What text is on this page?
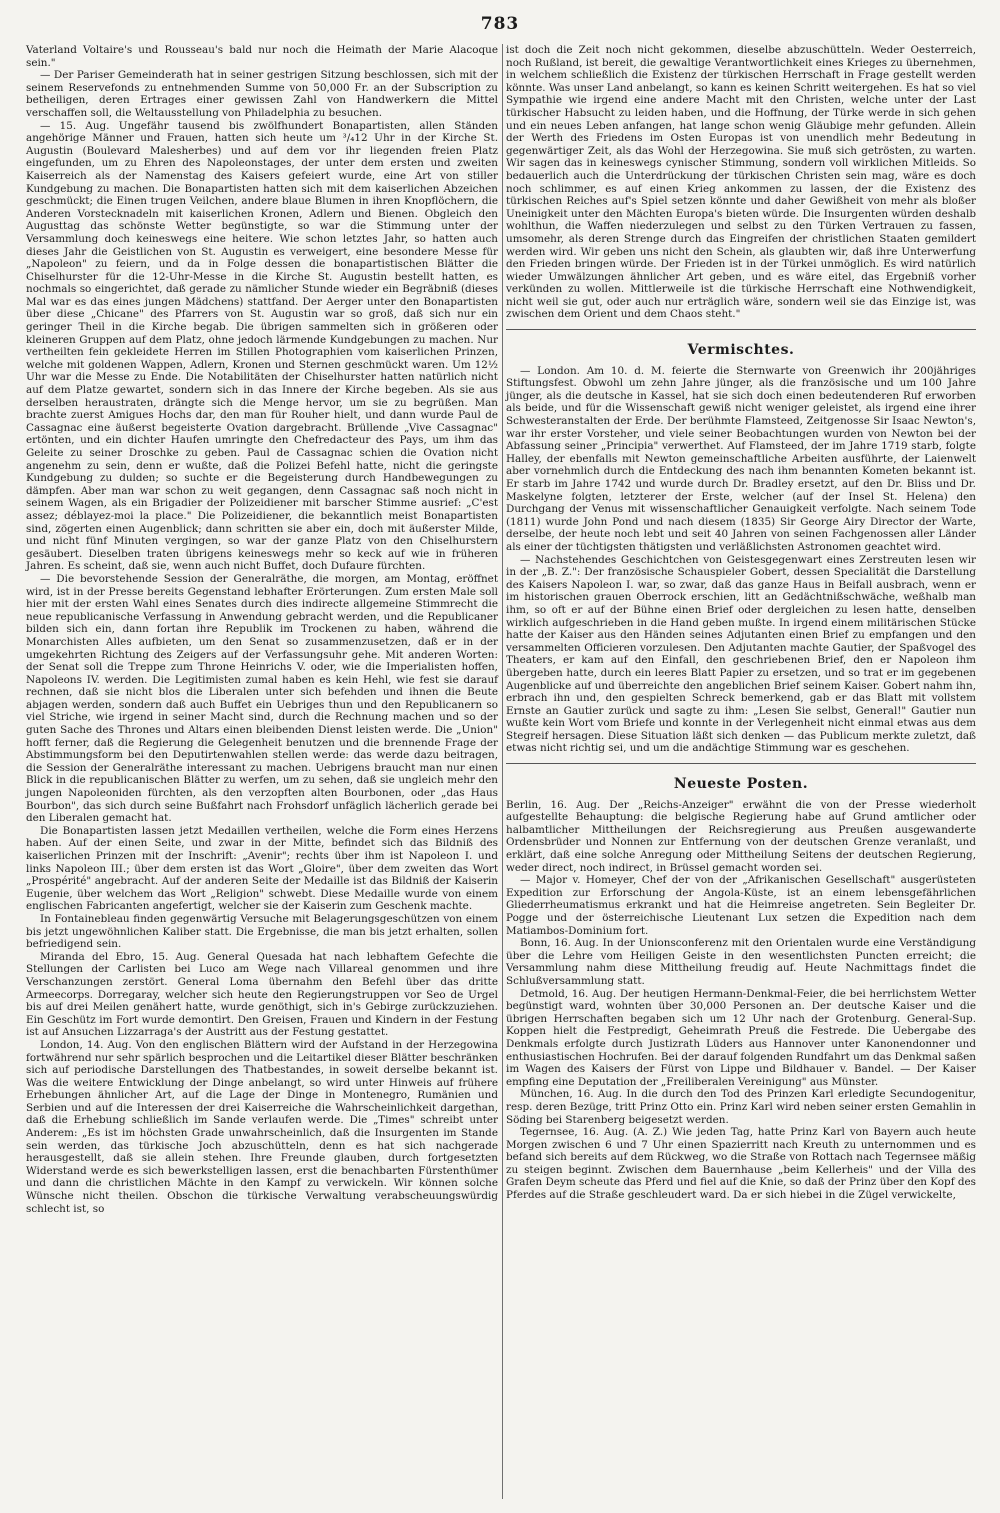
783

Vaterland Voltaire's und Rousseau's bald nur noch die Heimath der Marie Alacoque sein."

— Der Pariser Gemeinderath hat in seiner gestrigen Sitzung beschlossen, sich mit der seinem Reservefonds zu entnehmenden Summe von 50,000 Fr. an der Subscription zu betheiligen, deren Ertrages einer gewissen Zahl von Handwerkern die Mittel verschaffen soll, die Weltausstellung von Philadelphia zu besuchen.

— 15. Aug. Ungefähr tausend bis zwölfhundert Bonapartisten, allen Ständen angehörige Männer und Frauen, hatten sich heute um ³/₄12 Uhr in der Kirche St. Augustin (Boulevard Malesherbes) und auf dem vor ihr liegenden freien Platz eingefunden, um zu Ehren des Napoleonstages, der unter dem ersten und zweiten Kaiserreich als der Namenstag des Kaisers gefeiert wurde, eine Art von stiller Kundgebung zu machen. Die Bonapartisten hatten sich mit dem kaiserlichen Abzeichen geschmückt; die Einen trugen Veilchen, andere blaue Blumen in ihren Knopflöchern, die Anderen Vorstecknadeln mit kaiserlichen Kronen, Adlern und Bienen. Obgleich den Augusttag das schönste Wetter begünstigte, so war die Stimmung unter der Versammlung doch keineswegs eine heitere. Wie schon letztes Jahr, so hatten auch dieses Jahr die Geistlichen von St. Augustin es verweigert, eine besondere Messe für „Napoleon" zu feiern, und da in Folge dessen die bonapartistischen Blätter die Chiselhurster für die 12-Uhr-Messe in die Kirche St. Augustin bestellt hatten, es nochmals so eingerichtet, daß gerade zu nämlicher Stunde wieder ein Begräbniß (dieses Mal war es das eines jungen Mädchens) stattfand. Der Aerger unter den Bonapartisten über diese „Chicane" des Pfarrers von St. Augustin war so groß, daß sich nur ein geringer Theil in die Kirche begab. Die übrigen sammelten sich in größeren oder kleineren Gruppen auf dem Platz, ohne jedoch lärmende Kundgebungen zu machen. Nur vertheilten fein gekleidete Herren im Stillen Photographien vom kaiserlichen Prinzen, welche mit goldenen Wappen, Adlern, Kronen und Sternen geschmückt waren. Um 12½ Uhr war die Messe zu Ende. Die Notabilitäten der Chiselhurster hatten natürlich nicht auf dem Platze gewartet, sondern sich in das Innere der Kirche begeben. Als sie aus derselben heraustraten, drängte sich die Menge hervor, um sie zu begrüßen. Man brachte zuerst Amigues Hochs dar, den man für Rouher hielt, und dann wurde Paul de Cassagnac eine äußerst begeisterte Ovation dargebracht. Brüllende „Vive Cassagnac" ertönten, und ein dichter Haufen umringte den Chefredacteur des Pays, um ihm das Geleite zu seiner Droschke zu geben. Paul de Cassagnac schien die Ovation nicht angenehm zu sein, denn er wußte, daß die Polizei Befehl hatte, nicht die geringste Kundgebung zu dulden; so suchte er die Begeisterung durch Handbewegungen zu dämpfen. Aber man war schon zu weit gegangen, denn Cassagnac saß noch nicht in seinem Wagen, als ein Brigadier der Polizeidiener mit barscher Stimme ausrief: „C'est assez; déblayez-moi la place." Die Polizeidiener, die bekanntlich meist Bonapartisten sind, zögerten einen Augenblick; dann schritten sie aber ein, doch mit äußerster Milde, und nicht fünf Minuten vergingen, so war der ganze Platz von den Chiselhurstern gesäubert. Dieselben traten übrigens keineswegs mehr so keck auf wie in früheren Jahren. Es scheint, daß sie, wenn auch nicht Buffet, doch Dufaure fürchten.

— Die bevorstehende Session der Generalräthe, die morgen, am Montag, eröffnet wird, ist in der Presse bereits Gegenstand lebhafter Erörterungen. Zum ersten Male soll hier mit der ersten Wahl eines Senates durch dies indirecte allgemeine Stimmrecht die neue republicanische Verfassung in Anwendung gebracht werden, und die Republicaner bilden sich ein, dann fortan ihre Republik im Trockenen zu haben, während die Monarchisten Alles aufbieten, um den Senat so zusammenzusetzen, daß er in der umgekehrten Richtung des Zeigers auf der Verfassungsuhr gehe. Mit anderen Worten: der Senat soll die Treppe zum Throne Heinrichs V. oder, wie die Imperialisten hoffen, Napoleons IV. werden. Die Legitimisten zumal haben es kein Hehl, wie fest sie darauf rechnen, daß sie nicht blos die Liberalen unter sich befehden und ihnen die Beute abjagen werden, sondern daß auch Buffet ein Uebriges thun und den Republicanern so viel Striche, wie irgend in seiner Macht sind, durch die Rechnung machen und so der guten Sache des Thrones und Altars einen bleibenden Dienst leisten werde. Die „Union" hofft ferner, daß die Regierung die Gelegenheit benutzen und die brennende Frage der Abstimmungsform bei den Deputirtenwahlen stellen werde: das werde dazu beitragen, die Session der Generalräthe interessant zu machen. Uebrigens braucht man nur einen Blick in die republicanischen Blätter zu werfen, um zu sehen, daß sie ungleich mehr den jungen Napoleoniden fürchten, als den verzopften alten Bourbonen, oder „das Haus Bourbon", das sich durch seine Bußfahrt nach Frohsdorf unfäglich lächerlich gerade bei den Liberalen gemacht hat.

Die Bonapartisten lassen jetzt Medaillen vertheilen, welche die Form eines Herzens haben. Auf der einen Seite, und zwar in der Mitte, befindet sich das Bildniß des kaiserlichen Prinzen mit der Inschrift: „Avenir"; rechts über ihm ist Napoleon I. und links Napoleon III.; über dem ersten ist das Wort „Gloire", über dem zweiten das Wort „Prospérité" angebracht. Auf der anderen Seite der Medaille ist das Bildniß der Kaiserin Eugenie, über welchem das Wort „Religion" schwebt. Diese Medaille wurde von einem englischen Fabricanten angefertigt, welcher sie der Kaiserin zum Geschenk machte.

In Fontainebleau finden gegenwärtig Versuche mit Belagerungsgeschützen von einem bis jetzt ungewöhnlichen Kaliber statt. Die Ergebnisse, die man bis jetzt erhalten, sollen befriedigend sein.

Miranda del Ebro, 15. Aug. General Quesada hat nach lebhaftem Gefechte die Stellungen der Carlisten bei Luco am Wege nach Villareal genommen und ihre Verschanzungen zerstört. General Loma übernahm den Befehl über das dritte Armeecorps. Dorregaray, welcher sich heute den Regierungstruppen vor Seo de Urgel bis auf drei Meilen genähert hatte, wurde genöthigt, sich in's Gebirge zurückzuziehen. Ein Geschütz im Fort wurde demontirt. Den Greisen, Frauen und Kindern in der Festung ist auf Ansuchen Lizzarraga's der Austritt aus der Festung gestattet.

London, 14. Aug. Von den englischen Blättern wird der Aufstand in der Herzegowina fortwährend nur sehr spärlich besprochen und die Leitartikel dieser Blätter beschränken sich auf periodische Darstellungen des Thatbestandes, in soweit derselbe bekannt ist. Was die weitere Entwicklung der Dinge anbelangt, so wird unter Hinweis auf frühere Erhebungen ähnlicher Art, auf die Lage der Dinge in Montenegro, Rumänien und Serbien und auf die Interessen der drei Kaiserreiche die Wahrscheinlichkeit dargethan, daß die Erhebung schließlich im Sande verlaufen werde. Die „Times" schreibt unter Anderem: „Es ist im höchsten Grade unwahrscheinlich, daß die Insurgenten im Stande sein werden, das türkische Joch abzuschütteln, denn es hat sich nachgerade herausgestellt, daß sie allein stehen. Ihre Freunde glauben, durch fortgesetzten Widerstand werde es sich bewerkstelligen lassen, erst die benachbarten Fürstenthümer und dann die christlichen Mächte in den Kampf zu verwickeln. Wir können solche Wünsche nicht theilen. Obschon die türkische Verwaltung verabscheuungswürdig schlecht ist, so

ist doch die Zeit noch nicht gekommen, dieselbe abzuschütteln. Weder Oesterreich, noch Rußland, ist bereit, die gewaltige Verantwortlichkeit eines Krieges zu übernehmen, in welchem schließlich die Existenz der türkischen Herrschaft in Frage gestellt werden könnte. Was unser Land anbelangt, so kann es keinen Schritt weitergehen. Es hat so viel Sympathie wie irgend eine andere Macht mit den Christen, welche unter der Last türkischer Habsucht zu leiden haben, und die Hoffnung, der Türke werde in sich gehen und ein neues Leben anfangen, hat lange schon wenig Gläubige mehr gefunden. Allein der Werth des Friedens im Osten Europas ist von unendlich mehr Bedeutung in gegenwärtiger Zeit, als das Wohl der Herzegowina. Sie muß sich getrösten, zu warten. Wir sagen das in keineswegs cynischer Stimmung, sondern voll wirklichen Mitleids. So bedauerlich auch die Unterdrückung der türkischen Christen sein mag, wäre es doch noch schlimmer, es auf einen Krieg ankommen zu lassen, der die Existenz des türkischen Reiches auf's Spiel setzen könnte und daher Gewißheit von mehr als bloßer Uneinigkeit unter den Mächten Europa's bieten würde. Die Insurgenten würden deshalb wohlthun, die Waffen niederzulegen und selbst zu den Türken Vertrauen zu fassen, umsomehr, als deren Strenge durch das Eingreifen der christlichen Staaten gemildert werden wird. Wir geben uns nicht den Schein, als glaubten wir, daß ihre Unterwerfung den Frieden bringen würde. Der Frieden ist in der Türkei unmöglich. Es wird natürlich wieder Umwälzungen ähnlicher Art geben, und es wäre eitel, das Ergebniß vorher verkünden zu wollen. Mittlerweile ist die türkische Herrschaft eine Nothwendigkeit, nicht weil sie gut, oder auch nur erträglich wäre, sondern weil sie das Einzige ist, was zwischen dem Orient und dem Chaos steht."

Vermischtes.

— London. Am 10. d. M. feierte die Sternwarte von Greenwich ihr 200jähriges Stiftungsfest. Obwohl um zehn Jahre jünger, als die französische und um 100 Jahre jünger, als die deutsche in Kassel, hat sie sich doch einen bedeutenderen Ruf erworben als beide, und für die Wissenschaft gewiß nicht weniger geleistet, als irgend eine ihrer Schwesteranstalten der Erde. Der berühmte Flamsteed, Zeitgenosse Sir Isaac Newton's, war ihr erster Vorsteher, und viele seiner Beobachtungen wurden von Newton bei der Abfassung seiner „Principia" verwerthet. Auf Flamsteed, der im Jahre 1719 starb, folgte Halley, der ebenfalls mit Newton gemeinschaftliche Arbeiten ausführte, der Laienwelt aber vornehmlich durch die Entdeckung des nach ihm benannten Kometen bekannt ist. Er starb im Jahre 1742 und wurde durch Dr. Bradley ersetzt, auf den Dr. Bliss und Dr. Maskelyne folgten, letzterer der Erste, welcher (auf der Insel St. Helena) den Durchgang der Venus mit wissenschaftlicher Genauigkeit verfolgte. Nach seinem Tode (1811) wurde John Pond und nach diesem (1835) Sir George Airy Director der Warte, derselbe, der heute noch lebt und seit 40 Jahren von seinen Fachgenossen aller Länder als einer der tüchtigsten thätigsten und verläßlichsten Astronomen geachtet wird.

— Nachstehendes Geschichtchen von Geistesgegenwart eines Zerstreuten lesen wir in der „B. Z.": Der französische Schauspieler Gobert, dessen Specialität die Darstellung des Kaisers Napoleon I. war, so zwar, daß das ganze Haus in Beifall ausbrach, wenn er im historischen grauen Oberrock erschien, litt an Gedächtnißschwäche, weßhalb man ihm, so oft er auf der Bühne einen Brief oder dergleichen zu lesen hatte, denselben wirklich aufgeschrieben in die Hand geben mußte. In irgend einem militärischen Stücke hatte der Kaiser aus den Händen seines Adjutanten einen Brief zu empfangen und den versammelten Officieren vorzulesen. Den Adjutanten machte Gautier, der Spaßvogel des Theaters, er kam auf den Einfall, den geschriebenen Brief, den er Napoleon ihm übergeben hatte, durch ein leeres Blatt Papier zu ersetzen, und so trat er im gegebenen Augenblicke auf und überreichte den angeblichen Brief seinem Kaiser. Gobert nahm ihn, erbrach ihn und, den gespielten Schreck bemerkend, gab er das Blatt mit vollstem Ernste an Gautier zurück und sagte zu ihm: „Lesen Sie selbst, General!" Gautier nun wußte kein Wort vom Briefe und konnte in der Verlegenheit nicht einmal etwas aus dem Stegreif hersagen. Diese Situation läßt sich denken — das Publicum merkte zuletzt, daß etwas nicht richtig sei, und um die andächtige Stimmung war es geschehen.

Neueste Posten.

Berlin, 16. Aug. Der „Reichs-Anzeiger" erwähnt die von der Presse wiederholt aufgestellte Behauptung: die belgische Regierung habe auf Grund amtlicher oder halbamtlicher Mittheilungen der Reichsregierung aus Preußen ausgewanderte Ordensbrüder und Nonnen zur Entfernung von der deutschen Grenze veranlaßt, und erklärt, daß eine solche Anregung oder Mittheilung Seitens der deutschen Regierung, weder direct, noch indirect, in Brüssel gemacht worden sei.

— Major v. Homeyer, Chef der von der „Afrikanischen Gesellschaft" ausgerüsteten Expedition zur Erforschung der Angola-Küste, ist an einem lebensgefährlichen Gliederrheumatismus erkrankt und hat die Heimreise angetreten. Sein Begleiter Dr. Pogge und der österreichische Lieutenant Lux setzen die Expedition nach dem Matiambos-Dominium fort.

Bonn, 16. Aug. In der Unionsconferenz mit den Orientalen wurde eine Verständigung über die Lehre vom Heiligen Geiste in den wesentlichsten Puncten erreicht; die Versammlung nahm diese Mittheilung freudig auf. Heute Nachmittags findet die Schlußversammlung statt.

Detmold, 16. Aug. Der heutigen Hermann-Denkmal-Feier, die bei herrlichstem Wetter begünstigt ward, wohnten über 30,000 Personen an. Der deutsche Kaiser und die übrigen Herrschaften begaben sich um 12 Uhr nach der Grotenburg. General-Sup. Koppen hielt die Festpredigt, Geheimrath Preuß die Festrede. Die Uebergabe des Denkmals erfolgte durch Justizrath Lüders aus Hannover unter Kanonendonner und enthusiastischen Hochrufen. Bei der darauf folgenden Rundfahrt um das Denkmal saßen im Wagen des Kaisers der Fürst von Lippe und Bildhauer v. Bandel. — Der Kaiser empfing eine Deputation der „Freiliberalen Vereinigung" aus Münster.

München, 16. Aug. In die durch den Tod des Prinzen Karl erledigte Secundogenitur, resp. deren Bezüge, tritt Prinz Otto ein. Prinz Karl wird neben seiner ersten Gemahlin in Söding bei Starenberg beigesetzt werden.

Tegernsee, 16. Aug. (A. Z.) Wie jeden Tag, hatte Prinz Karl von Bayern auch heute Morgen zwischen 6 und 7 Uhr einen Spazierritt nach Kreuth zu unternommen und es befand sich bereits auf dem Rückweg, wo die Straße von Rottach nach Tegernsee mäßig zu steigen beginnt. Zwischen dem Bauernhause „beim Kellerheis" und der Villa des Grafen Deym scheute das Pferd und fiel auf die Knie, so daß der Prinz über den Kopf des Pferdes auf die Straße geschleudert ward. Da er sich hiebei in die Zügel verwickelte,
